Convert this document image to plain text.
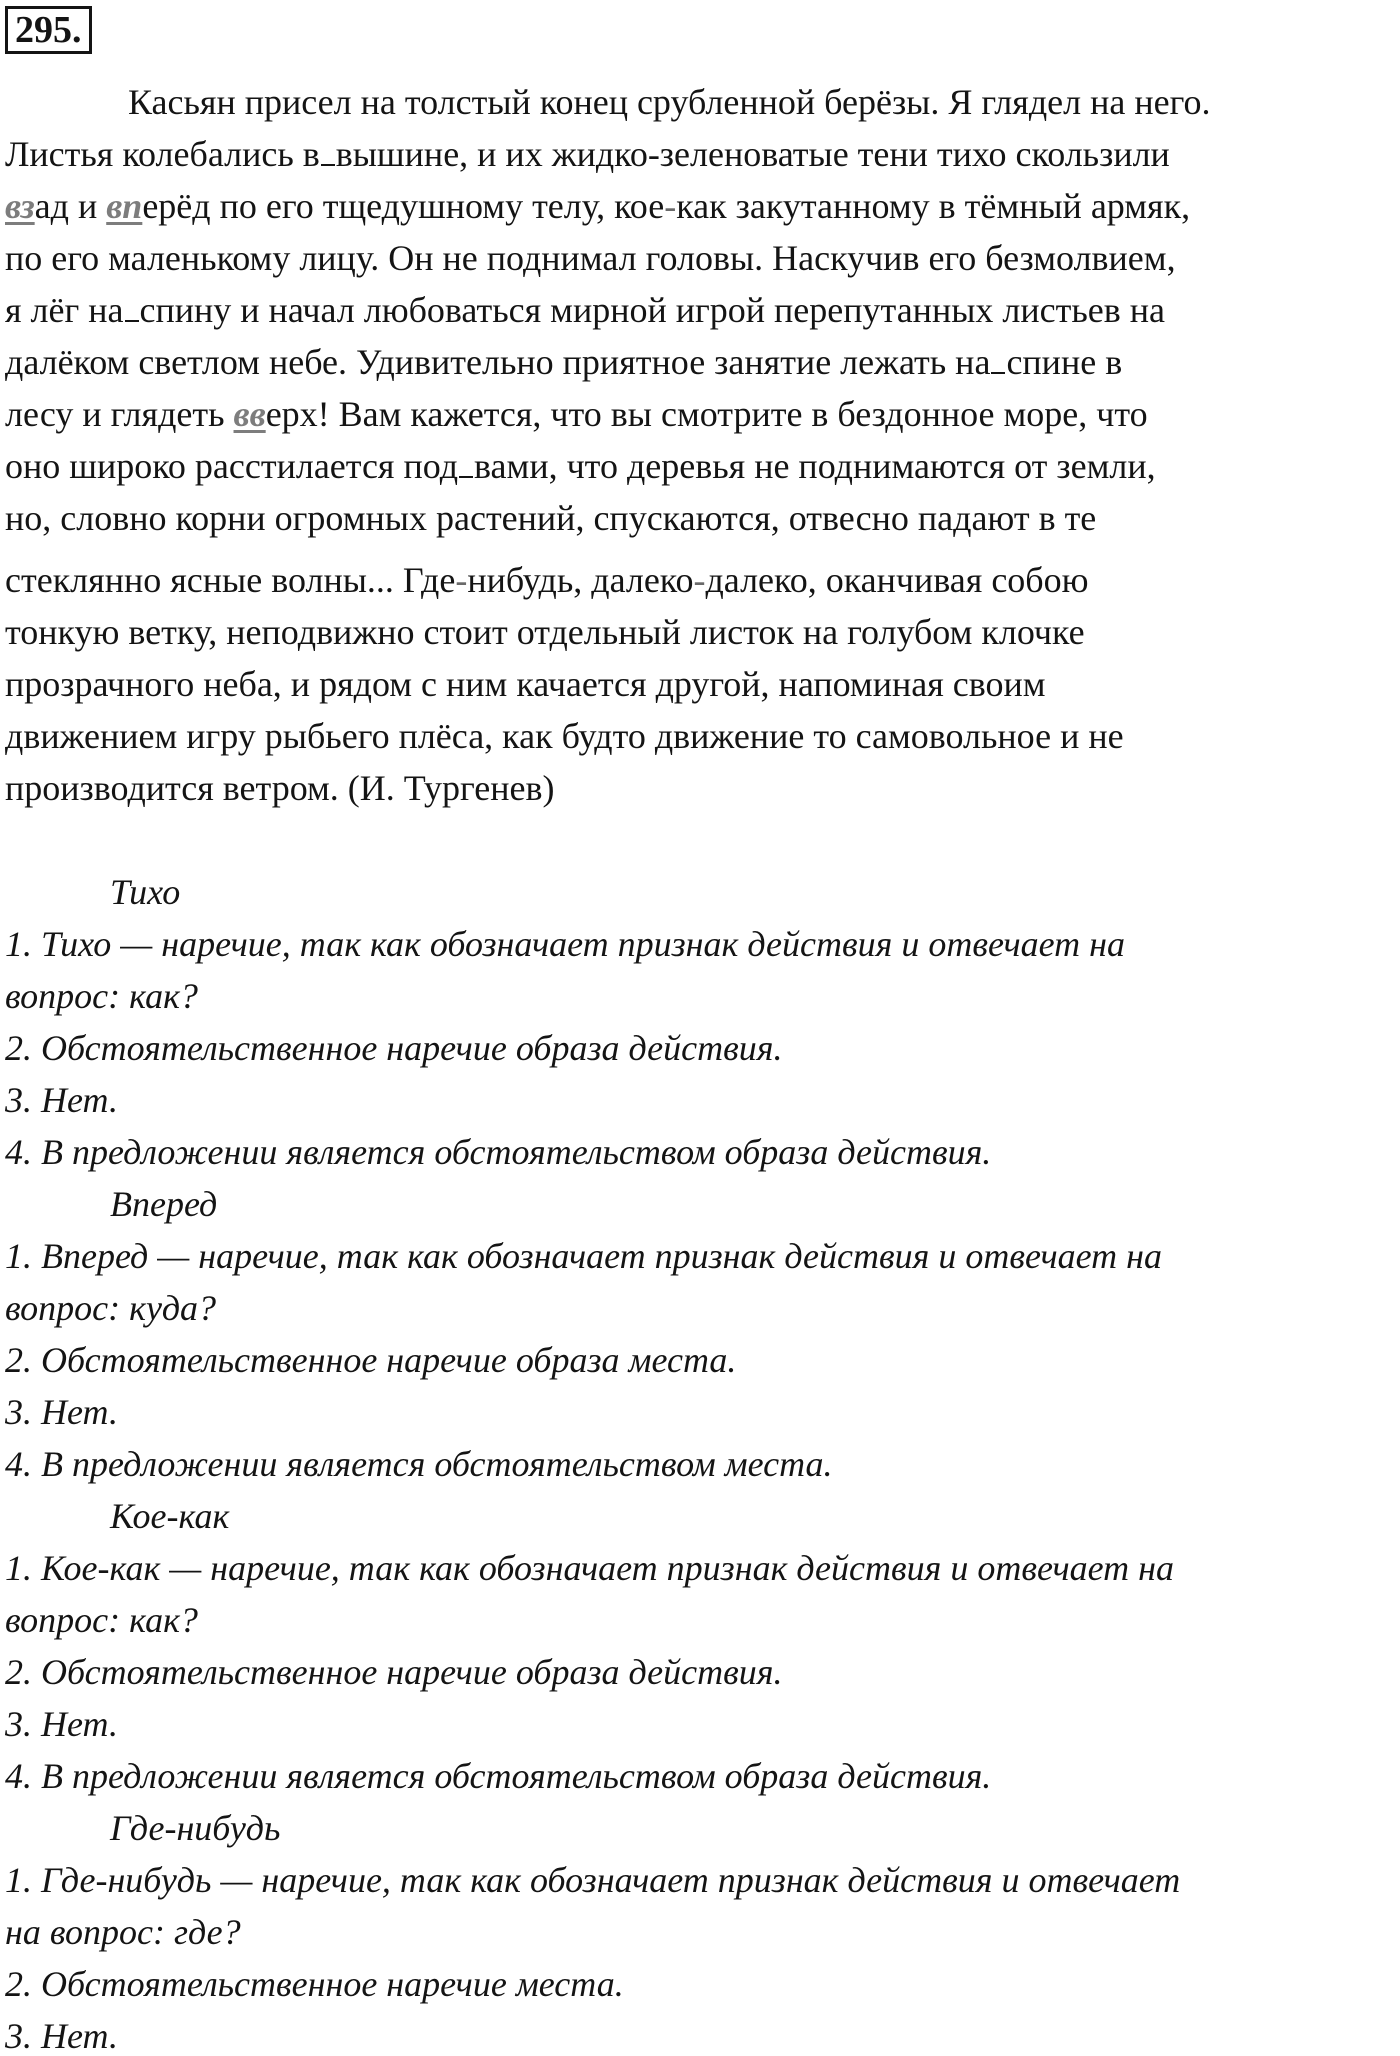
295.
Касьян присел на толстый конец срубленной берёзы. Я глядел на него.
Листья колебались в вышине, и их жидко-зеленоватые тени тихо скользили
взад и вперёд по его тщедушному телу, кое-как закутанному в тёмный армяк,
по его маленькому лицу. Он не поднимал головы. Наскучив его безмолвием,
я лёг на спину и начал любоваться мирной игрой перепутанных листьев на
далёком светлом небе. Удивительно приятное занятие лежать на спине в
лесу и глядеть вверх! Вам кажется, что вы смотрите в бездонное море, что
оно широко расстилается под вами, что деревья не поднимаются от земли,
но, словно корни огромных растений, спускаются, отвесно падают в те
стеклянно ясные волны... Где-нибудь, далеко-далеко, оканчивая собою
тонкую ветку, неподвижно стоит отдельный листок на голубом клочке
прозрачного неба, и рядом с ним качается другой, напоминая своим
движением игру рыбьего плёса, как будто движение то самовольное и не
производится ветром. (И. Тургенев)
Тихо
1. Тихо — наречие, так как обозначает признак действия и отвечает на
вопрос: как?
2. Обстоятельственное наречие образа действия.
3. Нет.
4. В предложении является обстоятельством образа действия.
Вперед
1. Вперед — наречие, так как обозначает признак действия и отвечает на
вопрос: куда?
2. Обстоятельственное наречие образа места.
3. Нет.
4. В предложении является обстоятельством места.
Кое-как
1. Кое-как — наречие, так как обозначает признак действия и отвечает на
вопрос: как?
2. Обстоятельственное наречие образа действия.
3. Нет.
4. В предложении является обстоятельством образа действия.
Где-нибудь
1. Где-нибудь — наречие, так как обозначает признак действия и отвечает
на вопрос: где?
2. Обстоятельственное наречие места.
3. Нет.
